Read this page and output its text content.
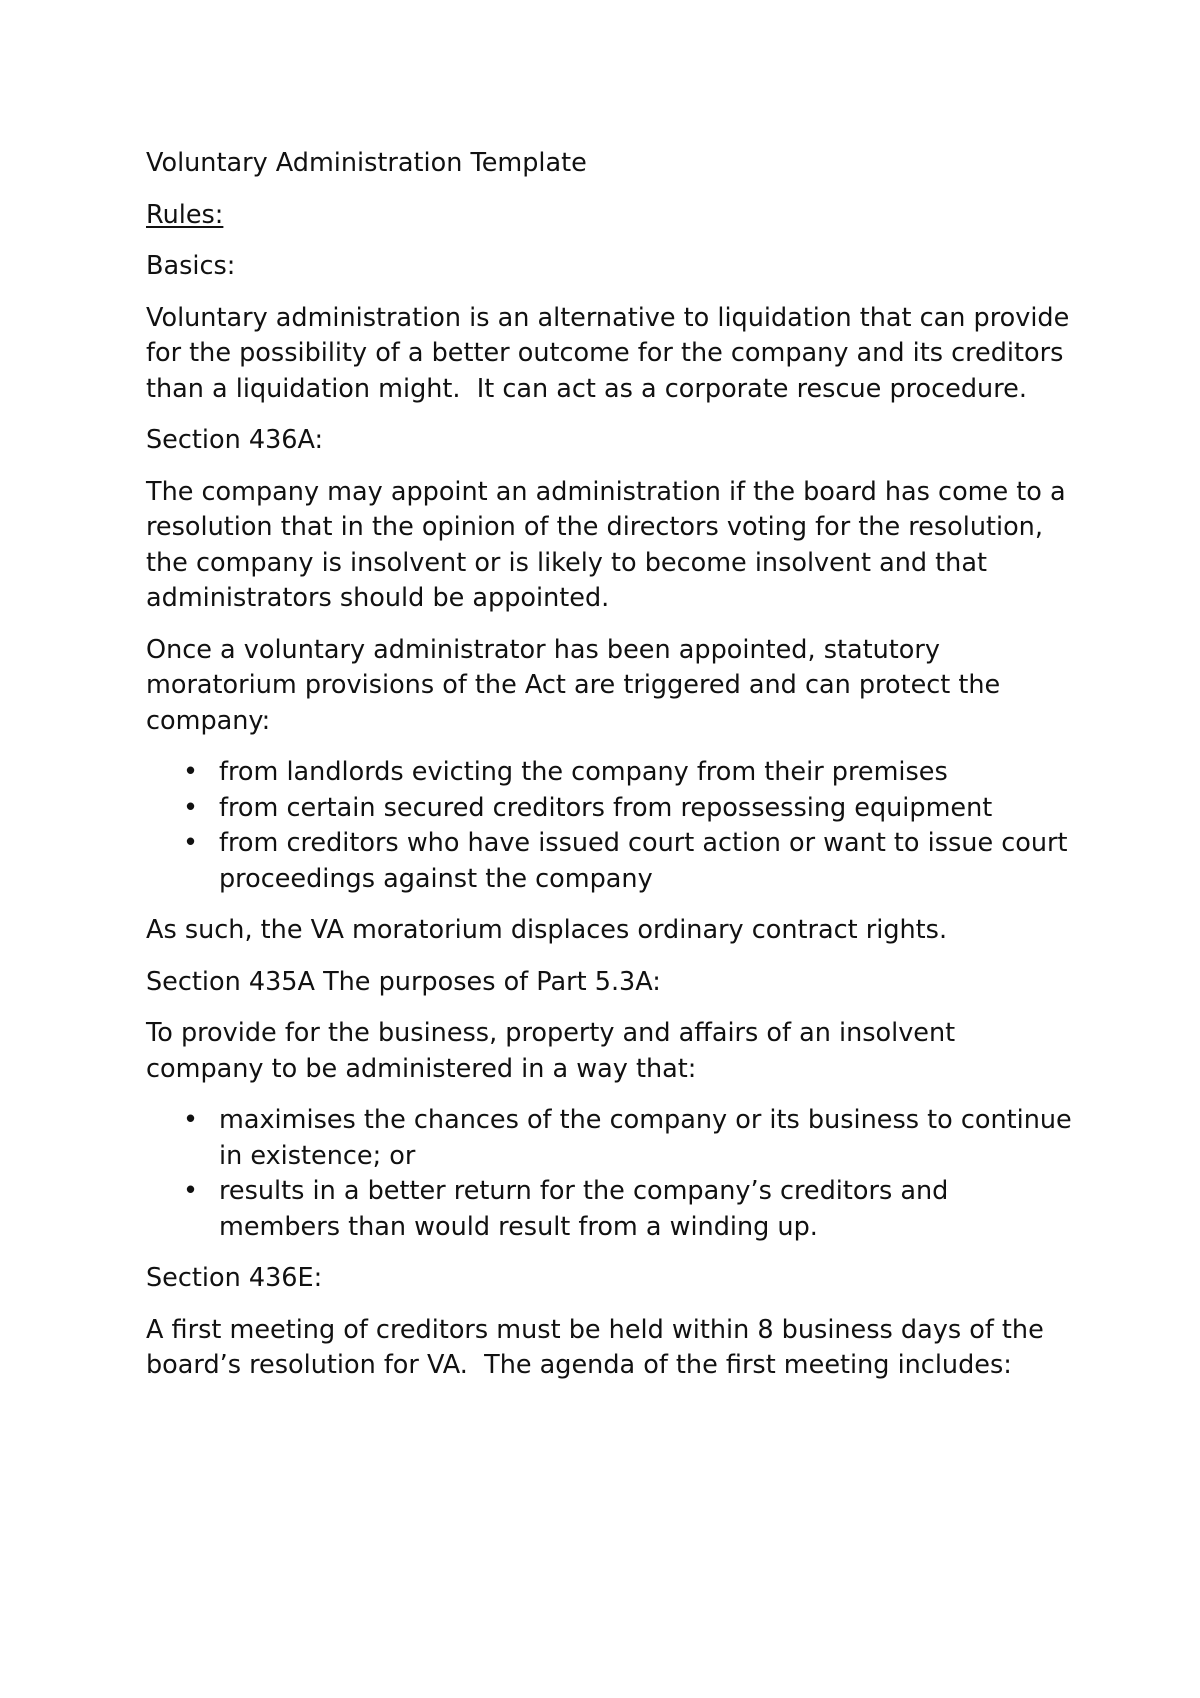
Voluntary Administration Template

Rules:

Basics:

Voluntary administration is an alternative to liquidation that can provide for the possibility of a better outcome for the company and its creditors than a liquidation might.  It can act as a corporate rescue procedure.

Section 436A:

The company may appoint an administration if the board has come to a resolution that in the opinion of the directors voting for the resolution, the company is insolvent or is likely to become insolvent and that administrators should be appointed.

Once a voluntary administrator has been appointed, statutory moratorium provisions of the Act are triggered and can protect the company:

• from landlords evicting the company from their premises
• from certain secured creditors from repossessing equipment
• from creditors who have issued court action or want to issue court proceedings against the company

As such, the VA moratorium displaces ordinary contract rights.

Section 435A The purposes of Part 5.3A:

To provide for the business, property and affairs of an insolvent company to be administered in a way that:

• maximises the chances of the company or its business to continue in existence; or
• results in a better return for the company’s creditors and members than would result from a winding up.

Section 436E:

A first meeting of creditors must be held within 8 business days of the board’s resolution for VA.  The agenda of the first meeting includes:
